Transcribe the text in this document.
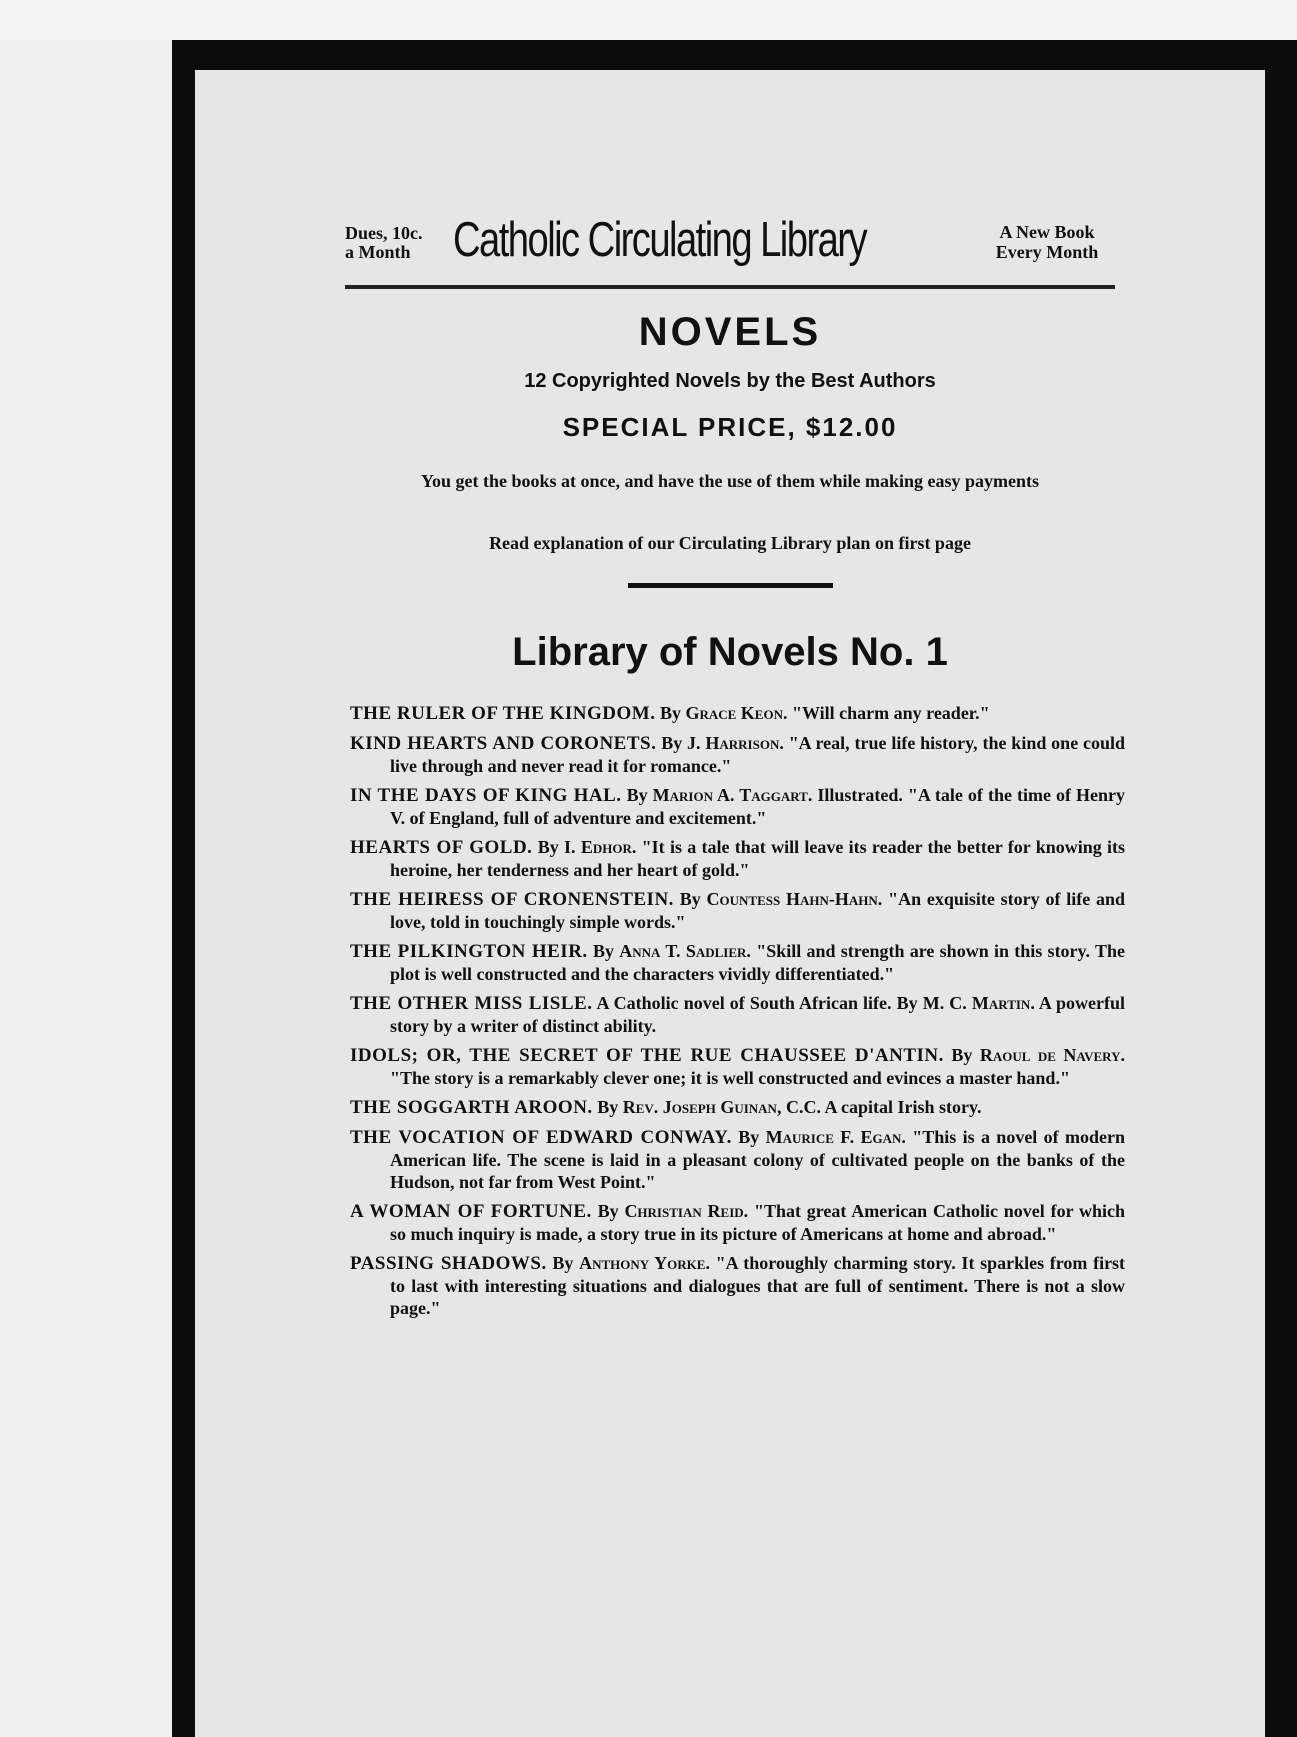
Dues, 10c.
a Month Catholic Circulating Library	A New Book
Every Month
NOVELS
12 Copyrighted Novels by the Best Authors
SPECIAL PRICE, $12.00
You get the books at once, and have the use of them while making easy payments
Read explanation of our Circulating Library plan on first page
Library of Novels No. 1
THE RULER OF THE KINGDOM. By Grace Keon. "Will charm any reader."
KIND HEARTS AND CORONETS. By J. Harrison. "A real, true life history, the kind one could live through and never read it for romance."
IN THE DAYS OF KING HAL. By Marion A. Taggart. Illustrated. "A tale of the time of Henry V. of England, full of adventure and excitement."
HEARTS OF GOLD. By I. Edhor. "It is a tale that will leave its reader the better for knowing its heroine, her tenderness and her heart of gold."
THE HEIRESS OF CRONENSTEIN. By Countess Hahn-Hahn. "An exquisite story of life and love, told in touchingly simple words."
THE PILKINGTON HEIR. By Anna T. Sadlier. "Skill and strength are shown in this story. The plot is well constructed and the characters vividly differentiated."
THE OTHER MISS LISLE. A Catholic novel of South African life. By M. C. Martin. A powerful story by a writer of distinct ability.
IDOLS; OR, THE SECRET OF THE RUE CHAUSSEE D'ANTIN. By Raoul de Navery. "The story is a remarkably clever one; it is well constructed and evinces a master hand."
THE SOGGARTH AROON. By Rev. Joseph Guinan, C.C. A capital Irish story.
THE VOCATION OF EDWARD CONWAY. By Maurice F. Egan. "This is a novel of modern American life. The scene is laid in a pleasant colony of cultivated people on the banks of the Hudson, not far from West Point."
A WOMAN OF FORTUNE. By Christian Reid. "That great American Catholic novel for which so much inquiry is made, a story true in its picture of Americans at home and abroad."
PASSING SHADOWS. By Anthony Yorke. "A thoroughly charming story. It sparkles from first to last with interesting situations and dialogues that are full of sentiment. There is not a slow page."
